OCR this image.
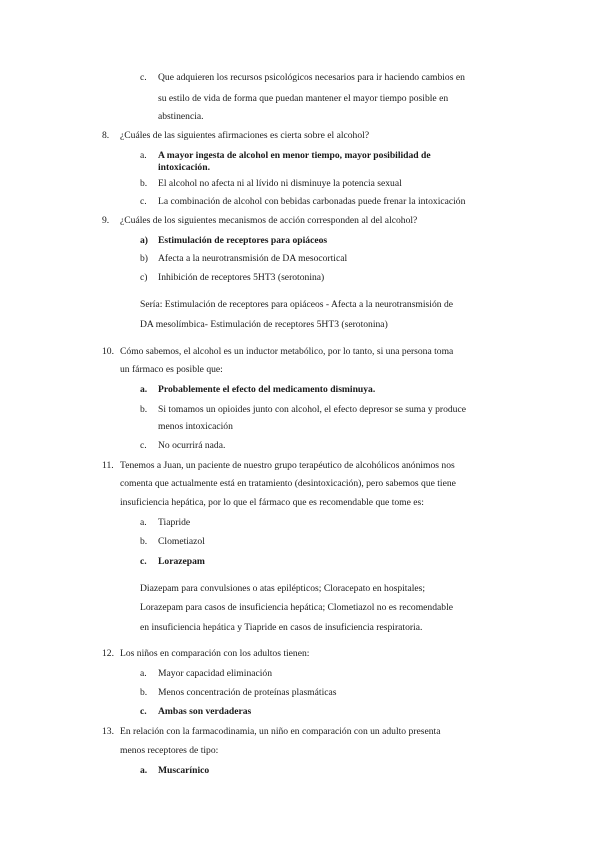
c. Que adquieren los recursos psicológicos necesarios para ir haciendo cambios en
su estilo de vida de forma que puedan mantener el mayor tiempo posible en
abstinencia.
8. ¿Cuáles de las siguientes afirmaciones es cierta sobre el alcohol?
a. A mayor ingesta de alcohol en menor tiempo, mayor posibilidad de
intoxicación.
b. El alcohol no afecta ni al lívido ni disminuye la potencia sexual
c. La combinación de alcohol con bebidas carbonadas puede frenar la intoxicación
9. ¿Cuáles de los siguientes mecanismos de acción corresponden al del alcohol?
a) Estimulación de receptores para opiáceos
b) Afecta a la neurotransmisión de DA mesocortical
c) Inhibición de receptores 5HT3 (serotonina)
Sería: Estimulación de receptores para opiáceos - Afecta a la neurotransmisión de
DA mesolímbica- Estimulación de receptores 5HT3 (serotonina)
10. Cómo sabemos, el alcohol es un inductor metabólico, por lo tanto, si una persona toma
un fármaco es posible que:
a. Probablemente el efecto del medicamento disminuya.
b. Si tomamos un opioides junto con alcohol, el efecto depresor se suma y produce
menos intoxicación
c. No ocurrirá nada.
11. Tenemos a Juan, un paciente de nuestro grupo terapéutico de alcohólicos anónimos nos
comenta que actualmente está en tratamiento (desintoxicación), pero sabemos que tiene
insuficiencia hepática, por lo que el fármaco que es recomendable que tome es:
a. Tiapride
b. Clometiazol
c. Lorazepam
Diazepam para convulsiones o atas epilépticos; Cloracepato en hospitales;
Lorazepam para casos de insuficiencia hepática; Clometiazol no es recomendable
en insuficiencia hepática y Tiapride en casos de insuficiencia respiratoria.
12. Los niños en comparación con los adultos tienen:
a. Mayor capacidad eliminación
b. Menos concentración de proteínas plasmáticas
c. Ambas son verdaderas
13. En relación con la farmacodinamia, un niño en comparación con un adulto presenta
menos receptores de tipo:
a. Muscarínico
